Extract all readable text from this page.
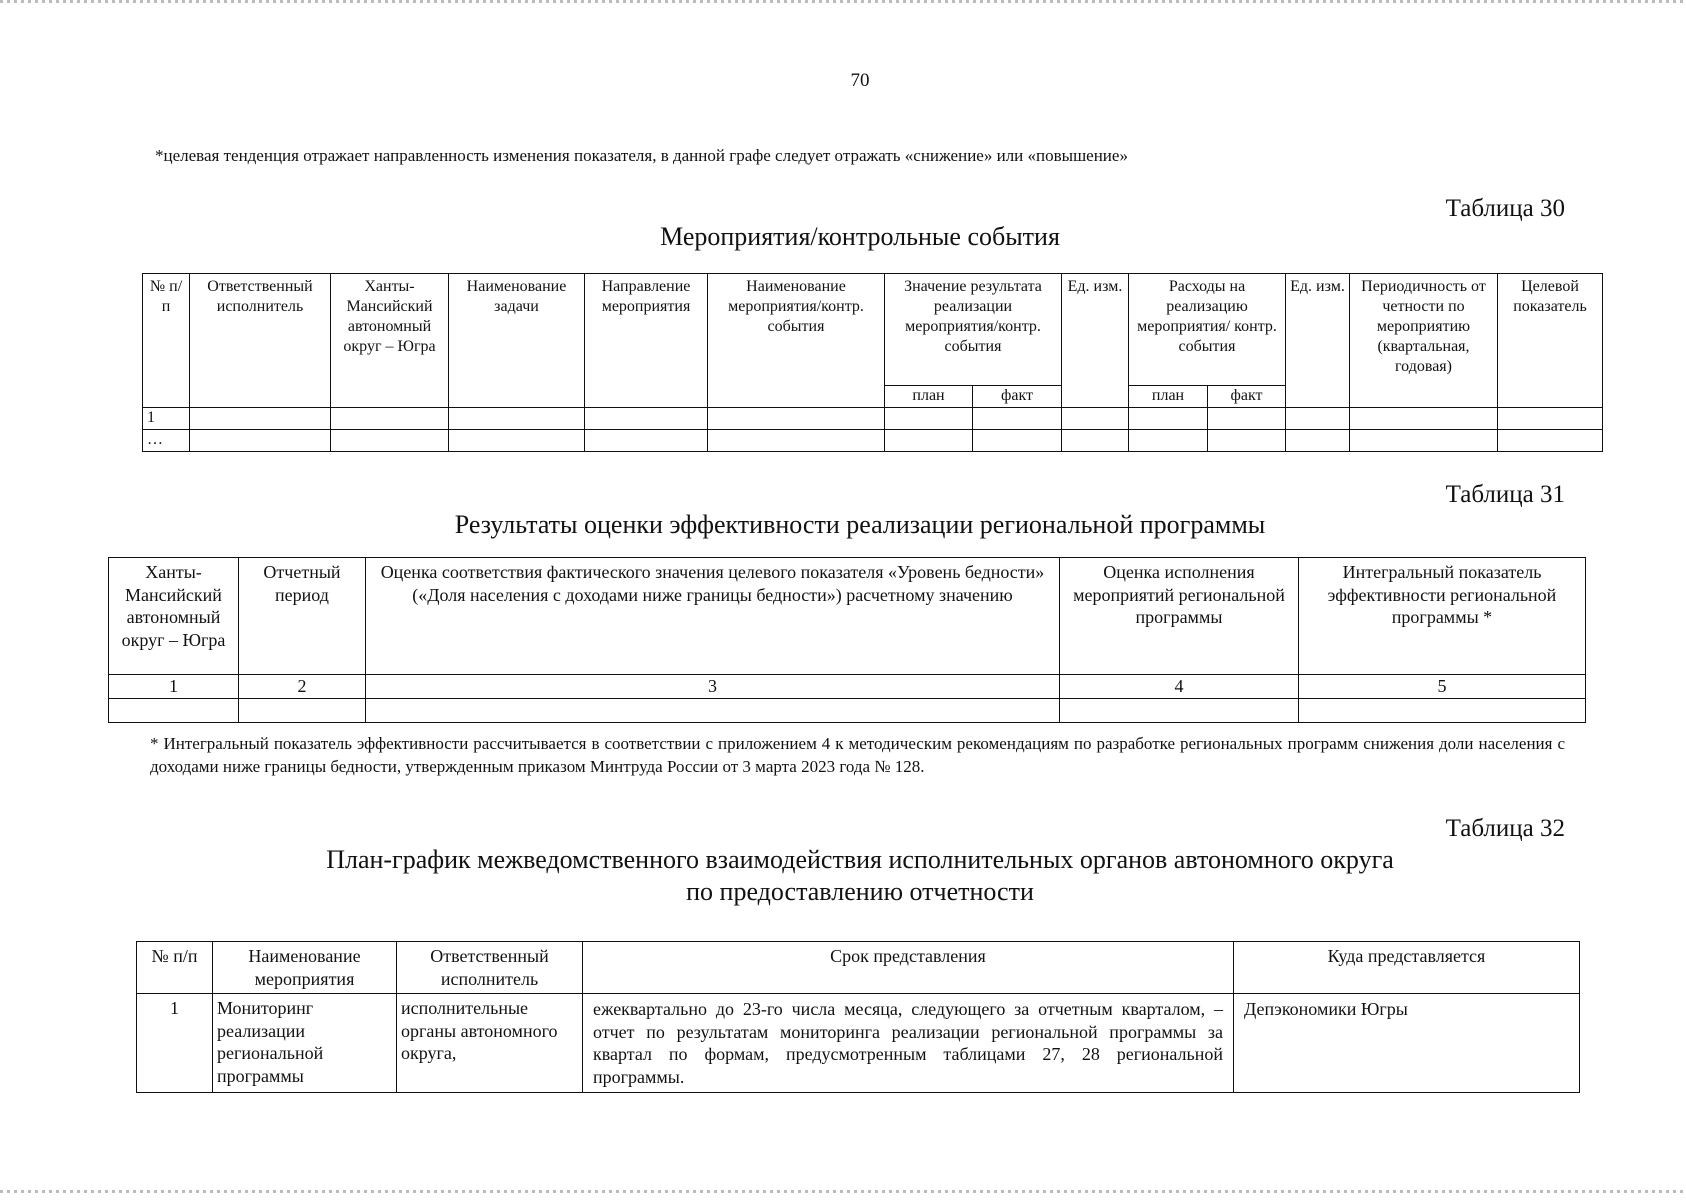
70
*целевая тенденция отражает направленность изменения показателя, в данной графе следует отражать «снижение» или «повышение»
Таблица 30
Мероприятия/контрольные события
№ п/п	Ответственный исполнитель	Ханты-Мансийский автономный округ – Югра	Наименование задачи	Направление мероприятия	Наименование мероприятия/контр. события	Значение результата реализации мероприятия/контр. события		Ед. изм.	Расходы на реализацию мероприятия/ контр. события		Ед. изм.	Периодичность от четности по мероприятию (квартальная, годовая)	Целевой показатель
						план	факт		план	факт			
1													
…													
Таблица 31
Результаты оценки эффективности реализации региональной программы
Ханты-Мансийский автономный округ – Югра	Отчетный период	Оценка соответствия фактического значения целевого показателя «Уровень бедности» («Доля населения с доходами ниже границы бедности») расчетному значению	Оценка исполнения мероприятий региональной программы	Интегральный показатель эффективности региональной программы *
1	2	3	4	5

* Интегральный показатель эффективности рассчитывается в соответствии с приложением 4 к методическим рекомендациям по разработке региональных программ снижения доли населения с доходами ниже границы бедности, утвержденным приказом Минтруда России от 3 марта 2023 года № 128.
Таблица 32
План-график межведомственного взаимодействия исполнительных органов автономного округа
по предоставлению отчетности
№ п/п	Наименование мероприятия	Ответственный исполнитель	Срок представления	Куда представляется
1	Мониторинг реализации региональной программы	исполнительные органы автономного округа,	ежеквартально до 23-го числа месяца, следующего за отчетным кварталом, – отчет по результатам мониторинга реализации региональной программы за квартал по формам, предусмотренным таблицами 27, 28 региональной программы.	Депэкономики Югры
